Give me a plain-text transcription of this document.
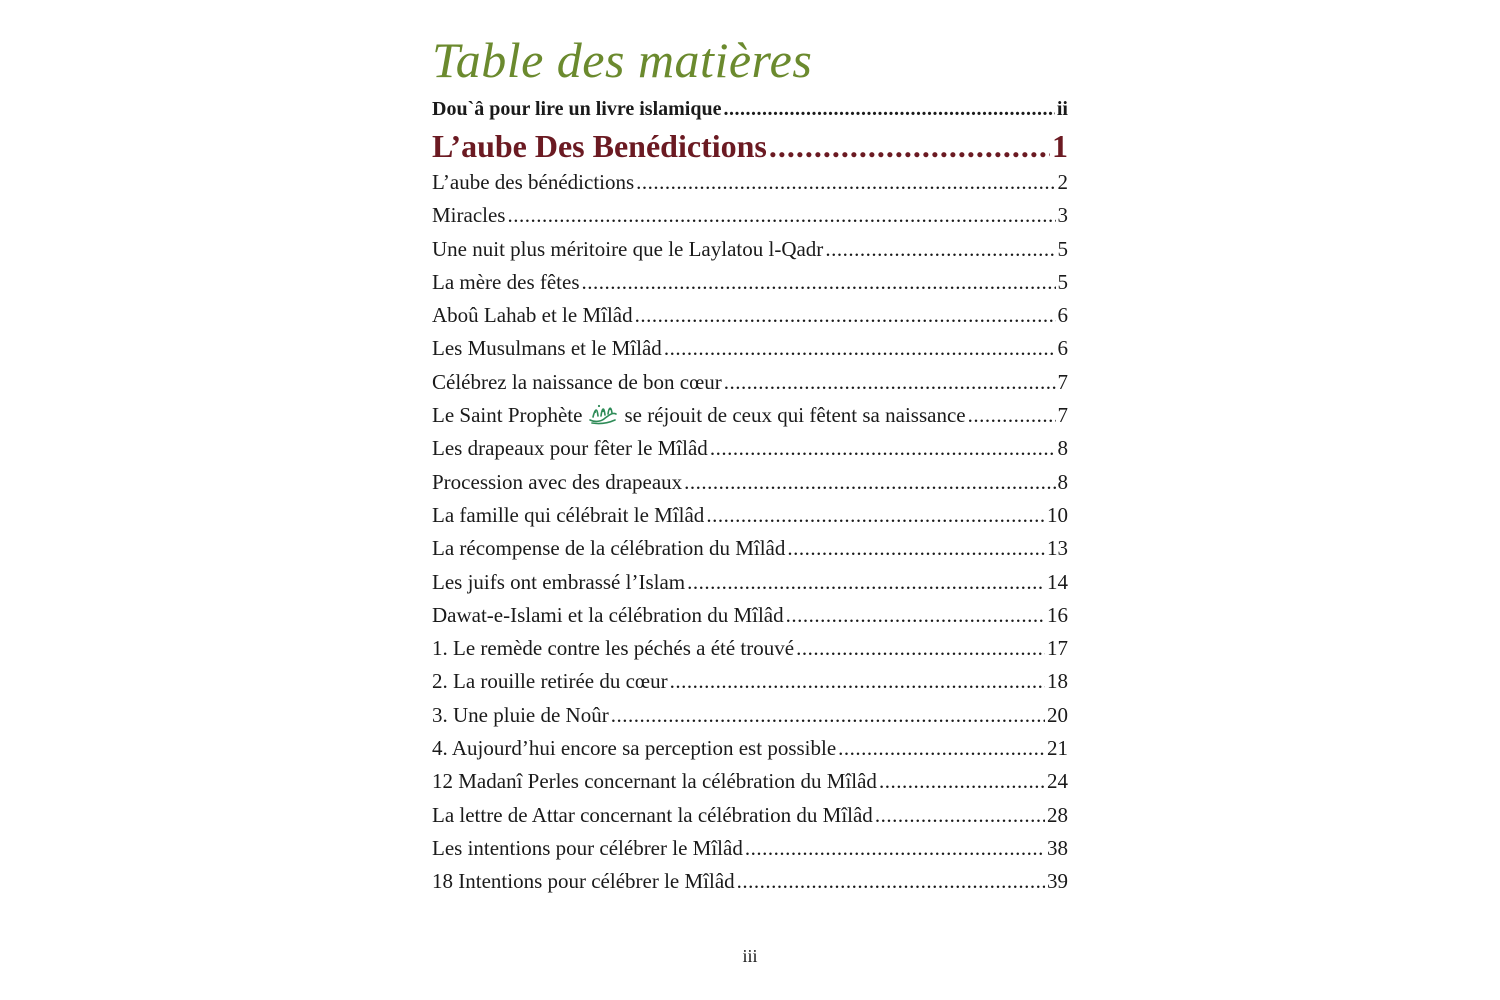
Table des matières
Dou`â pour lire un livre islamique .....	ii
L’aube Des Benédictions .....	1
L’aube des bénédictions .....	2
Miracles .....	3
Une nuit plus méritoire que le Laylatou l-Qadr .....	5
La mère des fêtes .....	5
Aboû Lahab et le Mîlâd .....	6
Les Musulmans et le Mîlâd .....	6
Célébrez la naissance de bon cœur .....	7
Le Saint Prophète se réjouit de ceux qui fêtent sa naissance .....	7
Les drapeaux pour fêter le Mîlâd .....	8
Procession avec des drapeaux .....	8
La famille qui célébrait le Mîlâd .....	10
La récompense de la célébration du Mîlâd .....	13
Les juifs ont embrassé l’Islam .....	14
Dawat-e-Islami et la célébration du Mîlâd .....	16
1. Le remède contre les péchés a été trouvé .....	17
2. La rouille retirée du cœur .....	18
3. Une pluie de Noûr .....	20
4. Aujourd’hui encore sa perception est possible .....	21
12 Madanî Perles concernant la célébration du Mîlâd .....	24
La lettre de Attar concernant la célébration du Mîlâd .....	28
Les intentions pour célébrer le Mîlâd .....	38
18 Intentions pour célébrer le Mîlâd .....	39
iii
